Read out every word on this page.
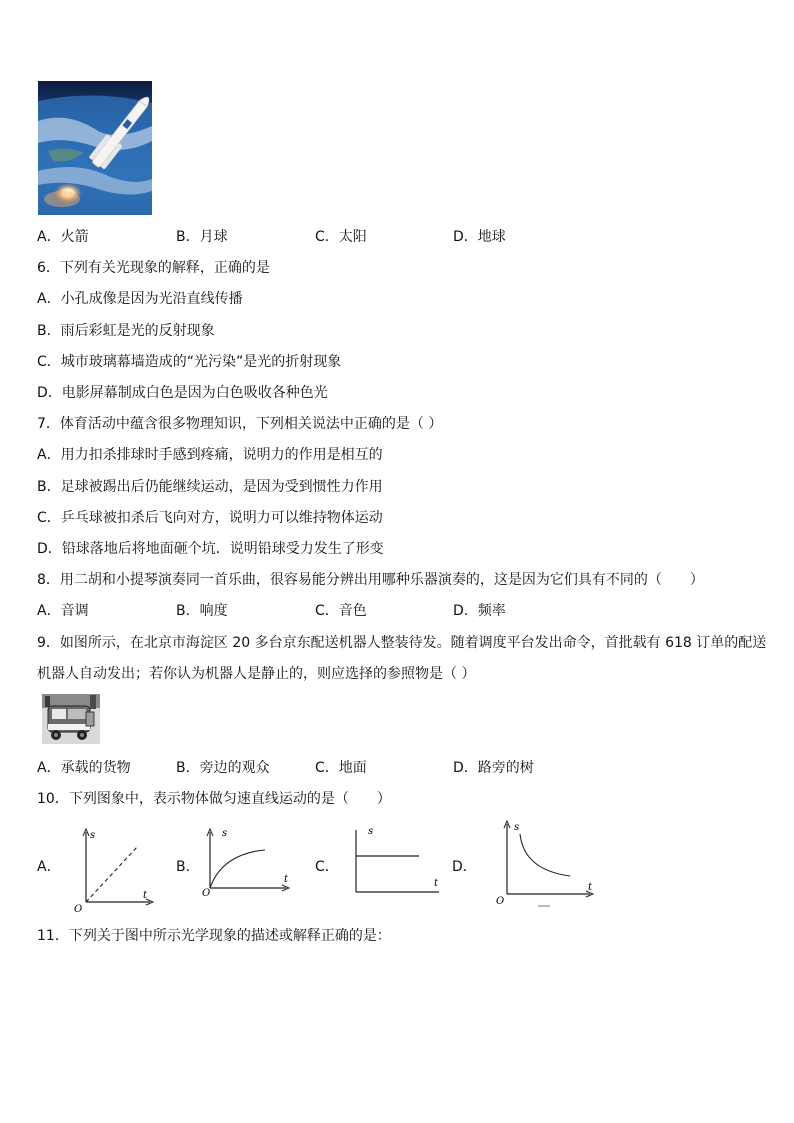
A．火箭	B．月球	C．太阳	D．地球
6．下列有关光现象的解释，正确的是
A．小孔成像是因为光沿直线传播
B．雨后彩虹是光的反射现象
C．城市玻璃幕墙造成的“光污染”是光的折射现象
D．电影屏幕制成白色是因为白色吸收各种色光
7．体育活动中蕴含很多物理知识，下列相关说法中正确的是（ ）
A．用力扣杀排球时手感到疼痛，说明力的作用是相互的
B．足球被踢出后仍能继续运动，是因为受到惯性力作用
C．乒乓球被扣杀后飞向对方，说明力可以维持物体运动
D．铅球落地后将地面砸个坑．说明铅球受力发生了形变
8．用二胡和小提琴演奏同一首乐曲，很容易能分辨出用哪种乐器演奏的，这是因为它们具有不同的（　　）
A．音调	B．响度	C．音色	D．频率
9．如图所示，在北京市海淀区 20 多台京东配送机器人整装待发。随着调度平台发出命令，首批载有 618 订单的配送
机器人自动发出；若你认为机器人是静止的，则应选择的参照物是（ ）
A．承载的货物	B．旁边的观众	C．地面	D．路旁的树
10．下列图象中，表示物体做匀速直线运动的是（　　）
A．	B．	C．	D．
s
t
O
s
t
O
s
t
s
t
O
11．下列关于图中所示光学现象的描述或解释正确的是：
